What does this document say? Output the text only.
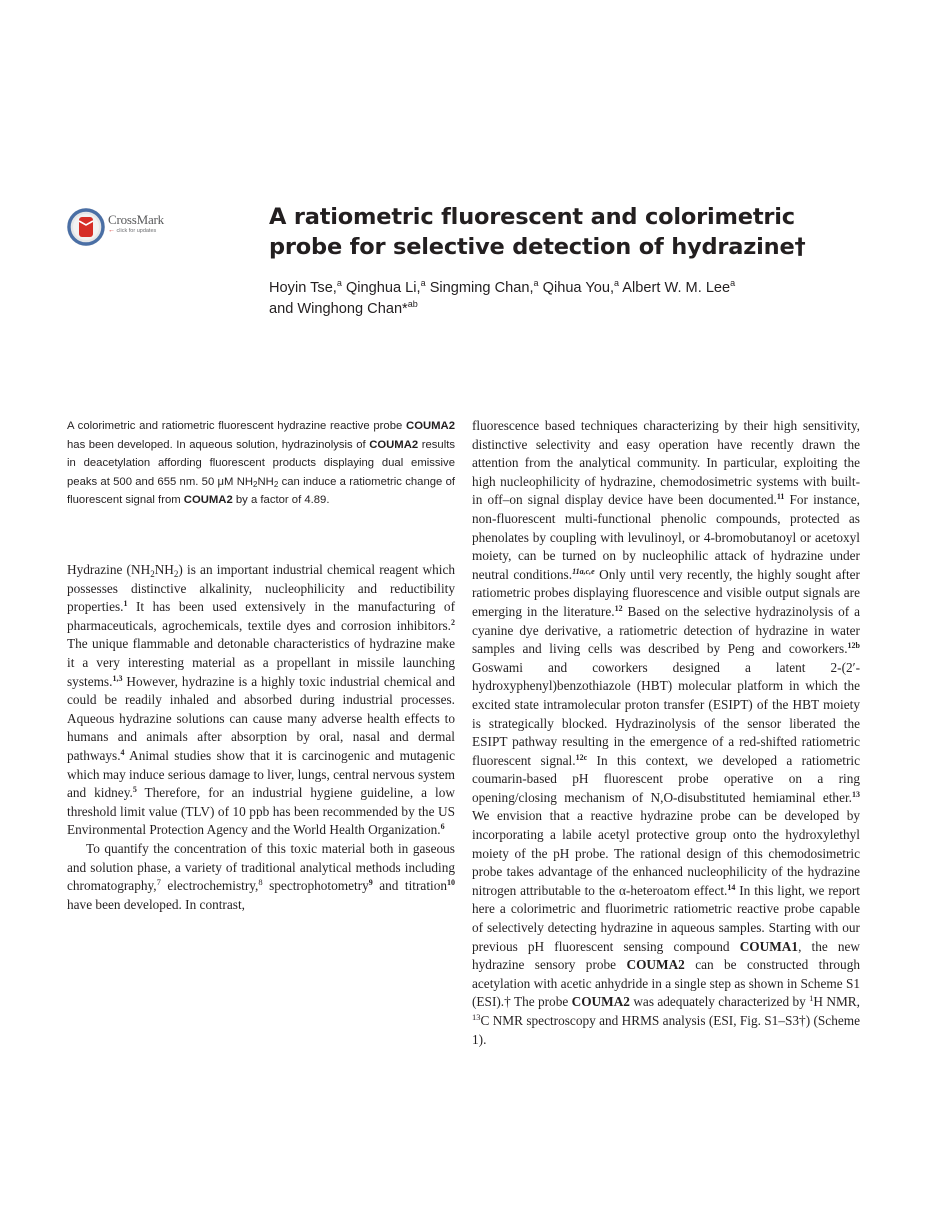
CrossMark
← click for updates
A ratiometric fluorescent and colorimetric probe for selective detection of hydrazine†

Hoyin Tse,$^a$ Qinghua Li,$^a$ Singming Chan,$^a$ Qihua You,$^a$ Albert W. M. Lee$^a$
and Winghong Chan*$^{ab}$

A colorimetric and ratiometric fluorescent hydrazine reactive probe COUMA2 has been developed. In aqueous solution, hydrazinolysis of COUMA2 results in deacetylation affording fluorescent products displaying dual emissive peaks at 500 and 655 nm. 50 μM $NH_2NH_2$ can induce a ratiometric change of fluorescent signal from COUMA2 by a factor of 4.89.

Hydrazine $(NH_2NH_2)$ is an important industrial chemical reagent which possesses distinctive alkalinity, nucleophilicity and reductibility properties.$^1$ It has been used extensively in the manufacturing of pharmaceuticals, agrochemicals, textile dyes and corrosion inhibitors.$^2$ The unique flammable and detonable characteristics of hydrazine make it a very interesting material as a propellant in missile launching systems.$^{1,3}$ However, hydrazine is a highly toxic industrial chemical and could be readily inhaled and absorbed during industrial processes. Aqueous hydrazine solutions can cause many adverse health effects to humans and animals after absorption by oral, nasal and dermal pathways.$^4$ Animal studies show that it is carcinogenic and mutagenic which may induce serious damage to liver, lungs, central nervous system and kidney.$^5$ Therefore, for an industrial hygiene guideline, a low threshold limit value (TLV) of 10 ppb has been recommended by the US Environmental Protection Agency and the World Health Organization.$^6$

To quantify the concentration of this toxic material both in gaseous and solution phase, a variety of traditional analytical methods including chromatography,$^7$ electrochemistry,$^8$ spectrophotometry$^9$ and titration$^{10}$ have been developed. In contrast,

fluorescence based techniques characterizing by their high sensitivity, distinctive selectivity and easy operation have recently drawn the attention from the analytical community. In particular, exploiting the high nucleophilicity of hydrazine, chemodosimetric systems with built-in off–on signal display device have been documented.$^{11}$ For instance, non-fluorescent multi-functional phenolic compounds, protected as phenolates by coupling with levulinoyl, or 4-bromobutanoyl or acetoxyl moiety, can be turned on by nucleophilic attack of hydrazine under neutral conditions.$^{11a,c,e}$ Only until very recently, the highly sought after ratiometric probes displaying fluorescence and visible output signals are emerging in the literature.$^{12}$ Based on the selective hydrazinolysis of a cyanine dye derivative, a ratiometric detection of hydrazine in water samples and living cells was described by Peng and coworkers.$^{12b}$ Goswami and coworkers designed a latent 2-(2′-hydroxyphenyl)benzothiazole (HBT) molecular platform in which the excited state intramolecular proton transfer (ESIPT) of the HBT moiety is strategically blocked. Hydrazinolysis of the sensor liberated the ESIPT pathway resulting in the emergence of a red-shifted ratiometric fluorescent signal.$^{12c}$ In this context, we developed a ratiometric coumarin-based pH fluorescent probe operative on a ring opening/closing mechanism of N,O-disubstituted hemiaminal ether.$^{13}$ We envision that a reactive hydrazine probe can be developed by incorporating a labile acetyl protective group onto the hydroxylethyl moiety of the pH probe. The rational design of this chemodosimetric probe takes advantage of the enhanced nucleophilicity of the hydrazine nitrogen attributable to the α-heteroatom effect.$^{14}$ In this light, we report here a colorimetric and fluorimetric ratiometric reactive probe capable of selectively detecting hydrazine in aqueous samples. Starting with our previous pH fluorescent sensing compound COUMA1, the new hydrazine sensory probe COUMA2 can be constructed through acetylation with acetic anhydride in a single step as shown in Scheme S1 (ESI).† The probe COUMA2 was adequately characterized by $^1$H NMR, $^{13}$C NMR spectroscopy and HRMS analysis (ESI, Fig. S1–S3†) (Scheme 1).
